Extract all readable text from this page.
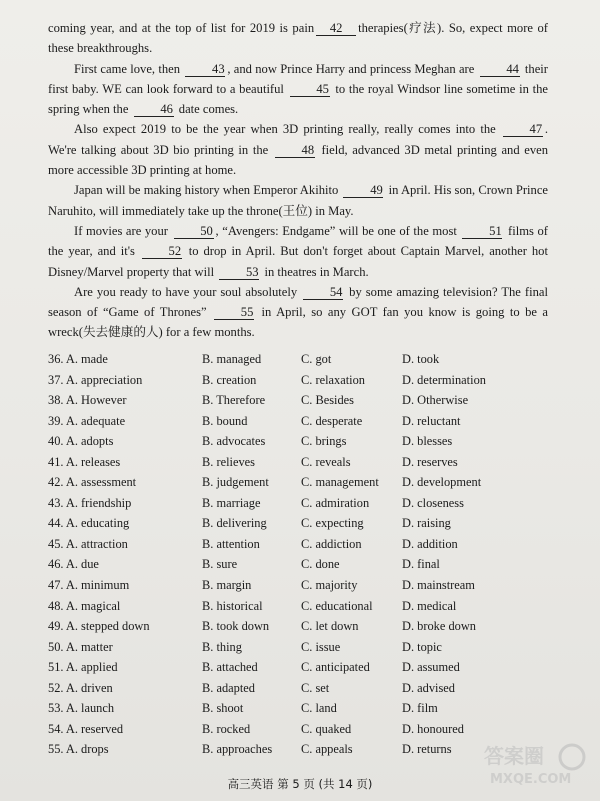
coming year, and at the top of list for 2019 is pain 42 therapies(疗法). So, expect more of these breakthroughs.

First came love, then	43 , and now Prince Harry and princess Meghan are	44 their first baby. WE can look forward to a beautiful	45 to the royal Windsor line sometime in the spring when the	46 date comes.

Also expect 2019 to be the year when 3D printing really, really comes into the	47 . We're talking about 3D bio printing in the	48 field, advanced 3D metal printing and even more accessible 3D printing at home.

Japan will be making history when Emperor Akihito	49 in April. His son, Crown Prince Naruhito, will immediately take up the throne(王位) in May.

If movies are your	50 , “Avengers: Endgame” will be one of the most	51 films of the year, and it's	52 to drop in April. But don't forget about Captain Marvel, another hot Disney/Marvel property that will	53 in theatres in March.

Are you ready to have your soul absolutely	54 by some amazing television? The final season of “Game of Thrones”	55 in April, so any GOT fan you know is going to be a wreck(失去健康的人) for a few months.

36. A. made	B. managed	C. got	D. took
37. A. appreciation	B. creation	C. relaxation	D. determination
38. A. However	B. Therefore	C. Besides	D. Otherwise
39. A. adequate	B. bound	C. desperate	D. reluctant
40. A. adopts	B. advocates	C. brings	D. blesses
41. A. releases	B. relieves	C. reveals	D. reserves
42. A. assessment	B. judgement	C. management D. development
43. A. friendship	B. marriage	C. admiration	D. closeness
44. A. educating	B. delivering	C. expecting	D. raising
45. A. attraction	B. attention	C. addiction	D. addition
46. A. due	B. sure	C. done	D. final
47. A. minimum	B. margin	C. majority	D. mainstream
48. A. magical	B. historical	C. educational D. medical
49. A. stepped down	B. took down	C. let down	D. broke down
50. A. matter	B. thing	C. issue	D. topic
51. A. applied	B. attached	C. anticipated	D. assumed
52. A. driven	B. adapted	C. set	D. advised
53. A. launch	B. shoot	C. land	D. film
54. A. reserved	B. rocked	C. quaked	D. honoured
55. A. drops	B. approaches C. appeals	D. returns
高三英语 第 5 页 (共 14 页)
答案圈
MXQE.COM
